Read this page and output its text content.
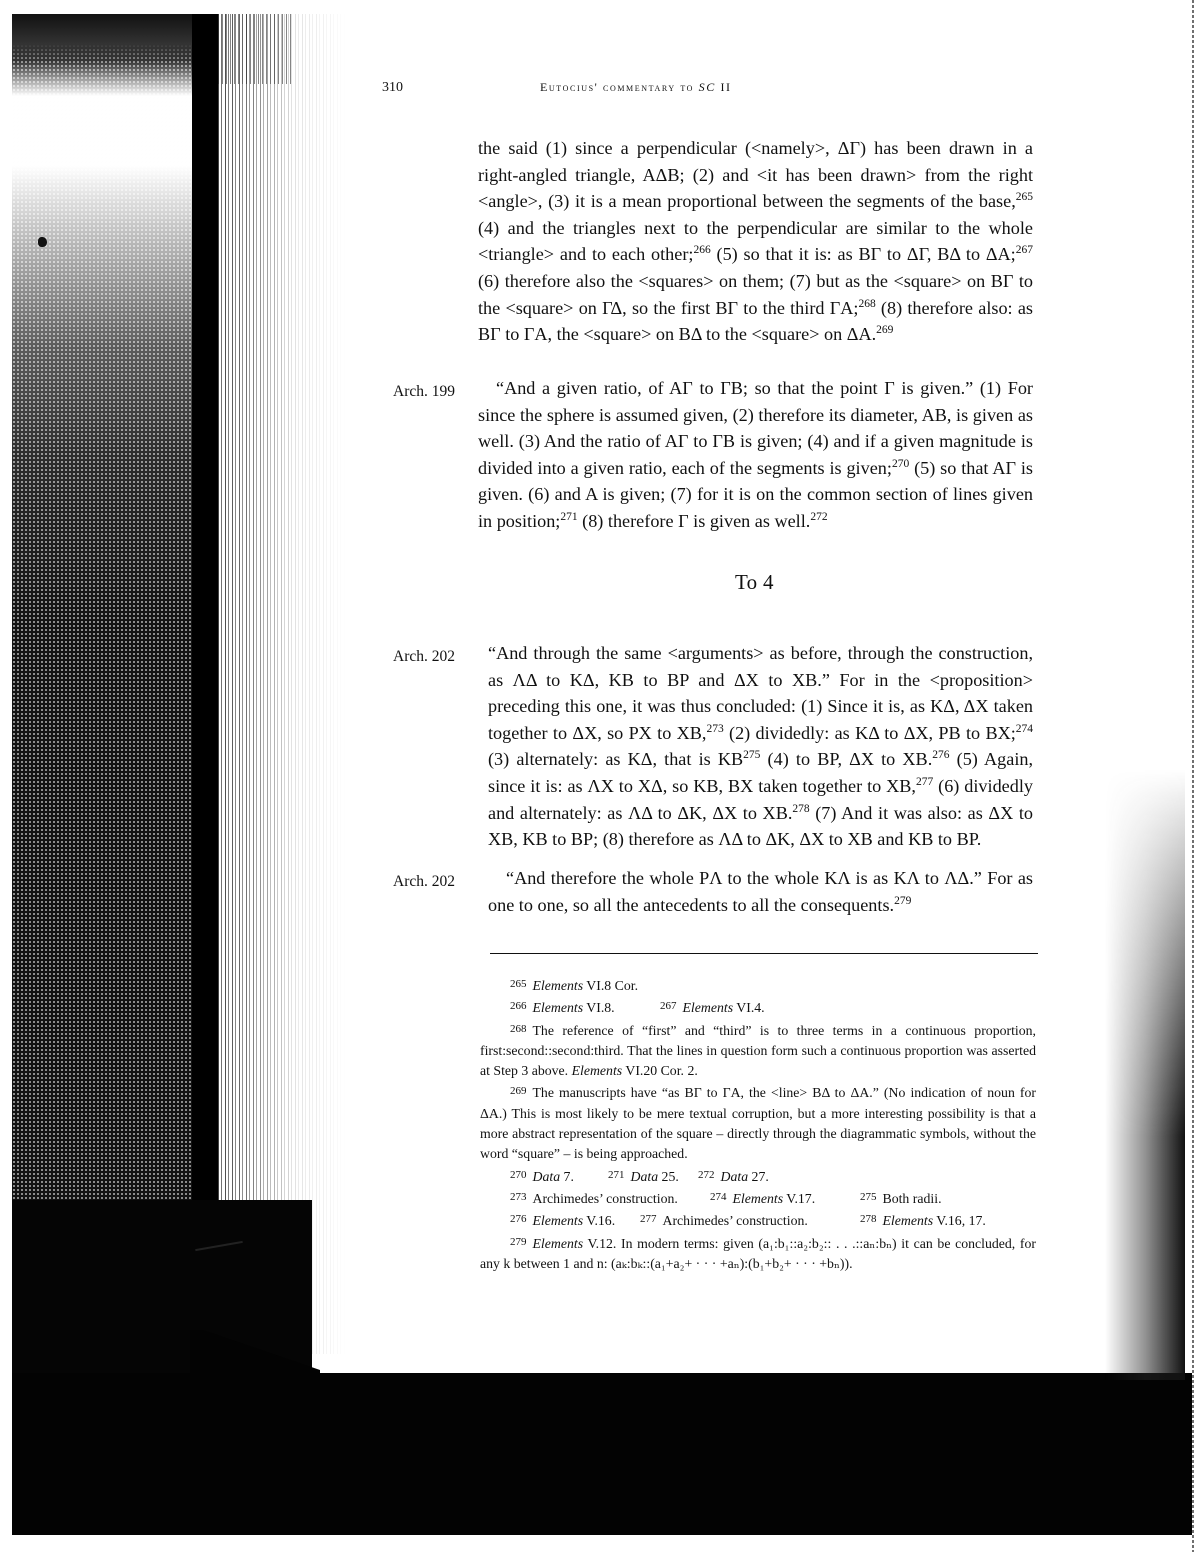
310	Eutocius' commentary to SC II

the said (1) since a perpendicular (<namely>, ΔΓ) has been drawn in a right-angled triangle, AΔB; (2) and <it has been drawn> from the right <angle>, (3) it is a mean proportional between the segments of the base,$^{265}$ (4) and the triangles next to the perpendicular are similar to the whole <triangle> and to each other;$^{266}$ (5) so that it is: as BΓ to ΔΓ, BΔ to ΔA;$^{267}$ (6) therefore also the <squares> on them; (7) but as the <square> on BΓ to the <square> on ΓΔ, so the first BΓ to the third ΓA;$^{268}$ (8) therefore also: as BΓ to ΓA, the <square> on BΔ to the <square> on ΔA.$^{269}$

Arch. 199	“And a given ratio, of AΓ to ΓB; so that the point Γ is given.” (1) For since the sphere is assumed given, (2) therefore its diameter, AB, is given as well. (3) And the ratio of AΓ to ΓB is given; (4) and if a given magnitude is divided into a given ratio, each of the segments is given;$^{270}$ (5) so that AΓ is given. (6) and A is given; (7) for it is on the common section of lines given in position;$^{271}$ (8) therefore Γ is given as well.$^{272}$

To 4
Arch. 202 “And through the same <arguments> as before, through the construction, as ΛΔ to KΔ, KB to BP and ΔX to XB.” For in the <proposition> preceding this one, it was thus concluded: (1) Since it is, as KΔ, ΔX taken together to ΔX, so PX to XB,$^{273}$ (2) dividedly: as KΔ to ΔX, PB to BX;$^{274}$ (3) alternately: as KΔ, that is KB$^{275}$ (4) to BP, ΔX to XB.$^{276}$ (5) Again, since it is: as ΛX to XΔ, so KB, BX taken together to XB,$^{277}$ (6) dividedly and alternately: as ΛΔ to ΔK, ΔX to XB.$^{278}$ (7) And it was also: as ΔX to XB, KB to BP; (8) therefore as ΛΔ to ΔK, ΔX to XB and KB to BP.

Arch. 202	“And therefore the whole PΛ to the whole KΛ is as KΛ to ΛΔ.” For as one to one, so all the antecedents to all the consequents.$^{279}$

$^{265}$ Elements VI.8 Cor.

$^{266}$ Elements VI.8.	$^{267}$ Elements VI.4.

$^{268}$ The reference of “first” and “third” is to three terms in a continuous proportion, first:second::second:third. That the lines in question form such a continuous proportion was asserted at Step 3 above. Elements VI.20 Cor. 2.

$^{269}$ The manuscripts have “as BΓ to ΓA, the <line> BΔ to ΔA.” (No indication of noun for ΔA.) This is most likely to be mere textual corruption, but a more interesting possibility is that a more abstract representation of the square – directly through the diagrammatic symbols, without the word “square” – is being approached.

$^{270}$ Data 7.	$^{271}$ Data 25. $^{272}$ Data 27.

$^{273}$ Archimedes’ construction.	$^{274}$ Elements V.17.	$^{275}$ Both radii.

$^{276}$ Elements V.16. $^{277}$ Archimedes’ construction.	$^{278}$ Elements V.16, 17.

$^{279}$ Elements V.12. In modern terms: given (a₁:b₁::a₂:b₂:: . . .::aₙ:bₙ) it can be concluded, for any k between 1 and n: (aₖ:bₖ::(a₁+a₂+ · · · +aₙ):(b₁+b₂+ · · · +bₙ)).
